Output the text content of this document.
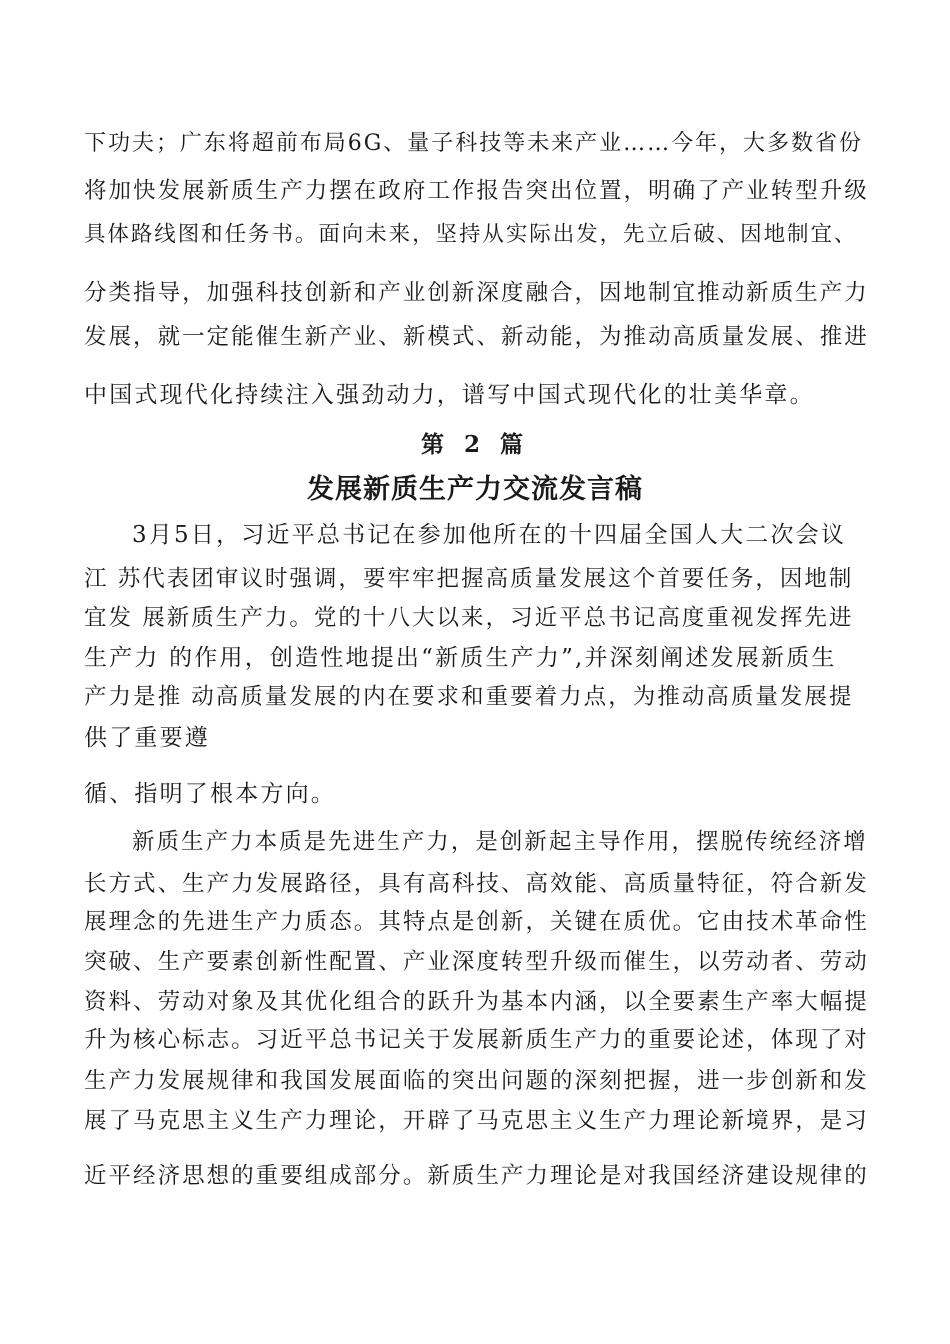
下功夫；广东将超前布局6G、量子科技等未来产业……今年，大多数省份
将加快发展新质生产力摆在政府工作报告突出位置，明确了产业转型升级
具体路线图和任务书。面向未来，坚持从实际出发，先立后破、因地制宜、
分类指导，加强科技创新和产业创新深度融合，因地制宜推动新质生产力
发展，就一定能催生新产业、新模式、新动能，为推动高质量发展、推进
中国式现代化持续注入强劲动力，谱写中国式现代化的壮美华章。
第 2 篇
发展新质生产力交流发言稿
3月5日，习近平总书记在参加他所在的十四届全国人大二次会议
江 苏代表团审议时强调，要牢牢把握高质量发展这个首要任务，因地制
宜发 展新质生产力。党的十八大以来，习近平总书记高度重视发挥先进
生产力 的作用，创造性地提出“新质生产力”,并深刻阐述发展新质生
产力是推 动高质量发展的内在要求和重要着力点，为推动高质量发展提
供了重要遵
循、指明了根本方向。
新质生产力本质是先进生产力，是创新起主导作用，摆脱传统经济增
长方式、生产力发展路径，具有高科技、高效能、高质量特征，符合新发
展理念的先进生产力质态。其特点是创新，关键在质优。它由技术革命性
突破、生产要素创新性配置、产业深度转型升级而催生，以劳动者、劳动
资料、劳动对象及其优化组合的跃升为基本内涵，以全要素生产率大幅提
升为核心标志。习近平总书记关于发展新质生产力的重要论述，体现了对
生产力发展规律和我国发展面临的突出问题的深刻把握，进一步创新和发
展了马克思主义生产力理论，开辟了马克思主义生产力理论新境界，是习
近平经济思想的重要组成部分。新质生产力理论是对我国经济建设规律的
